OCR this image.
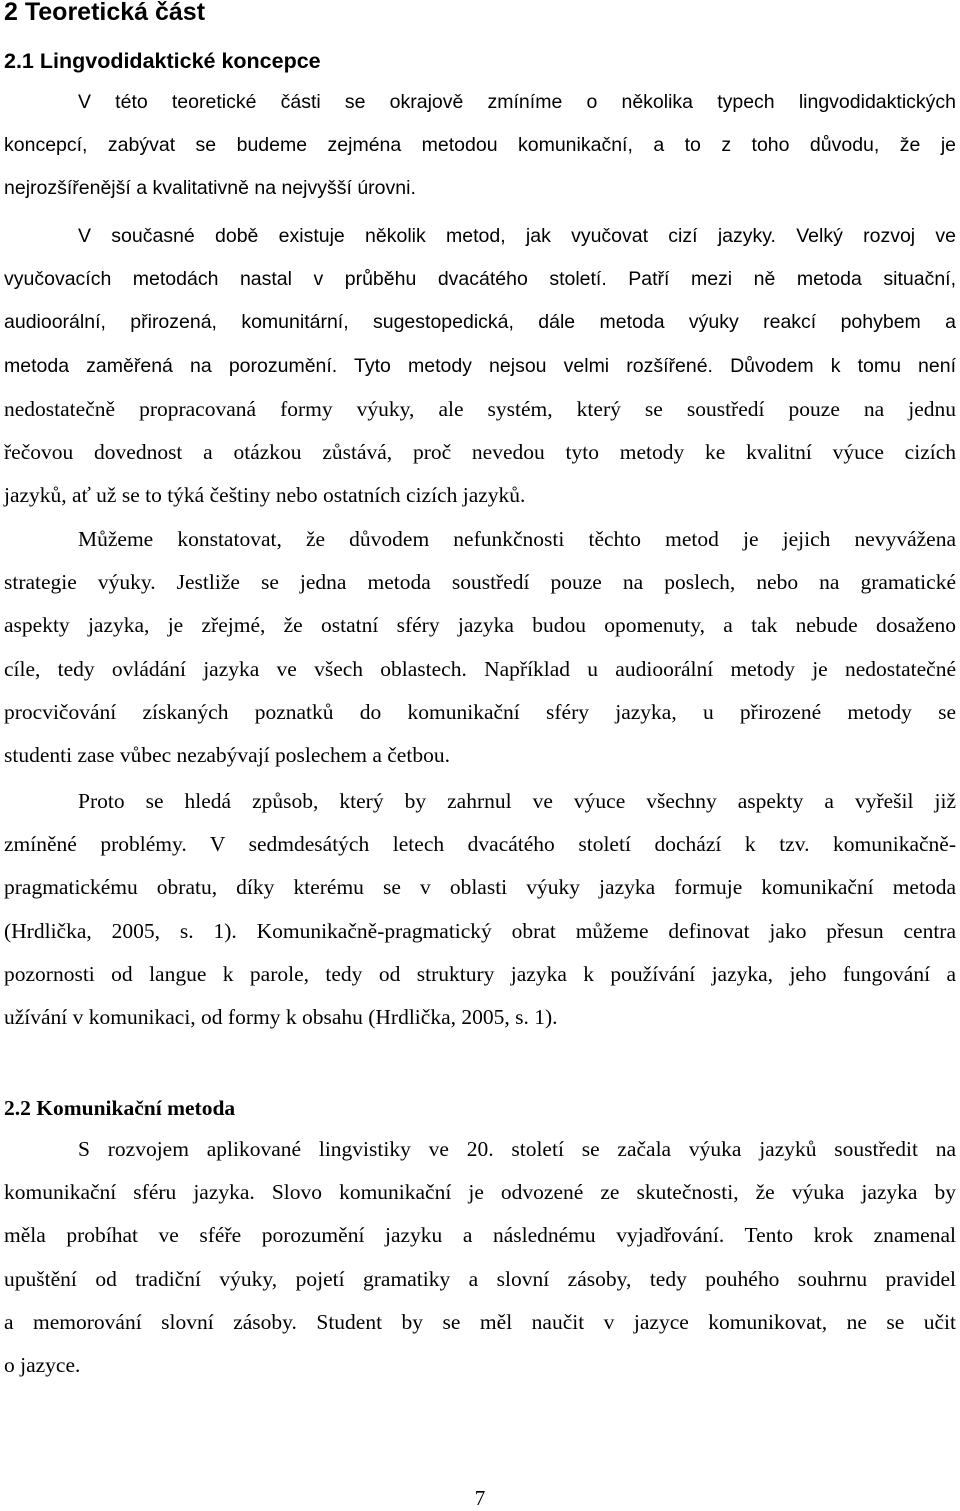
2 Teoretická část
2.1 Lingvodidaktické koncepce
V této teoretické části se okrajově zmíníme o několika typech lingvodidaktických
koncepcí, zabývat se budeme zejména metodou komunikační, a to z toho důvodu, že je
nejrozšířenější a kvalitativně na nejvyšší úrovni.
V současné době existuje několik metod, jak vyučovat cizí jazyky. Velký rozvoj ve
vyučovacích metodách nastal v průběhu dvacátého století. Patří mezi ně metoda situační,
audioorální, přirozená, komunitární, sugestopedická, dále metoda výuky reakcí pohybem a
metoda zaměřená na porozumění. Tyto metody nejsou velmi rozšířené. Důvodem k tomu není
nedostatečně propracovaná formy výuky, ale systém, který se soustředí pouze na jednu
řečovou dovednost a otázkou zůstává, proč nevedou tyto metody ke kvalitní výuce cizích
jazyků, ať už se to týká češtiny nebo ostatních cizích jazyků.
Můžeme konstatovat, že důvodem nefunkčnosti těchto metod je jejich nevyváženа
strategie výuky. Jestliže se jedna metoda soustředí pouze na poslech, nebo na gramatické
aspekty jazyka, je zřejmé, že ostatní sféry jazyka budou opomenuty, a tak nebude dosaženo
cíle, tedy ovládání jazyka ve všech oblastech. Například u audioorální metody je nedostatečné
procvičování získaných poznatků do komunikační sféry jazyka, u přirozené metody se
studenti zase vůbec nezabývají poslechem a četbou.
Proto se hledá způsob, který by zahrnul ve výuce všechny aspekty a vyřešil již
zmíněné problémy. V sedmdesátých letech dvacátého století dochází k tzv. komunikačně-
pragmatickému obratu, díky kterému se v oblasti výuky jazyka formuje komunikační metoda
(Hrdlička, 2005, s. 1). Komunikačně-pragmatický obrat můžeme definovat jako přesun centra
pozornosti od langue k parole, tedy od struktury jazyka k používání jazyka, jeho fungování a
užívání v komunikaci, od formy k obsahu (Hrdlička, 2005, s. 1).
2.2 Komunikační metoda
S rozvojem aplikované lingvistiky ve 20. století se začala výuka jazyků soustředit na
komunikační sféru jazyka. Slovo komunikační je odvozené ze skutečnosti, že výuka jazyka by
měla probíhat ve sféře porozumění jazyku a následnému vyjadřování. Tento krok znamenal
upuštění od tradiční výuky, pojetí gramatiky a slovní zásoby, tedy pouhého souhrnu pravidel
a memorování slovní zásoby. Student by se měl naučit v jazyce komunikovat, ne se učit
o jazyce.
7
